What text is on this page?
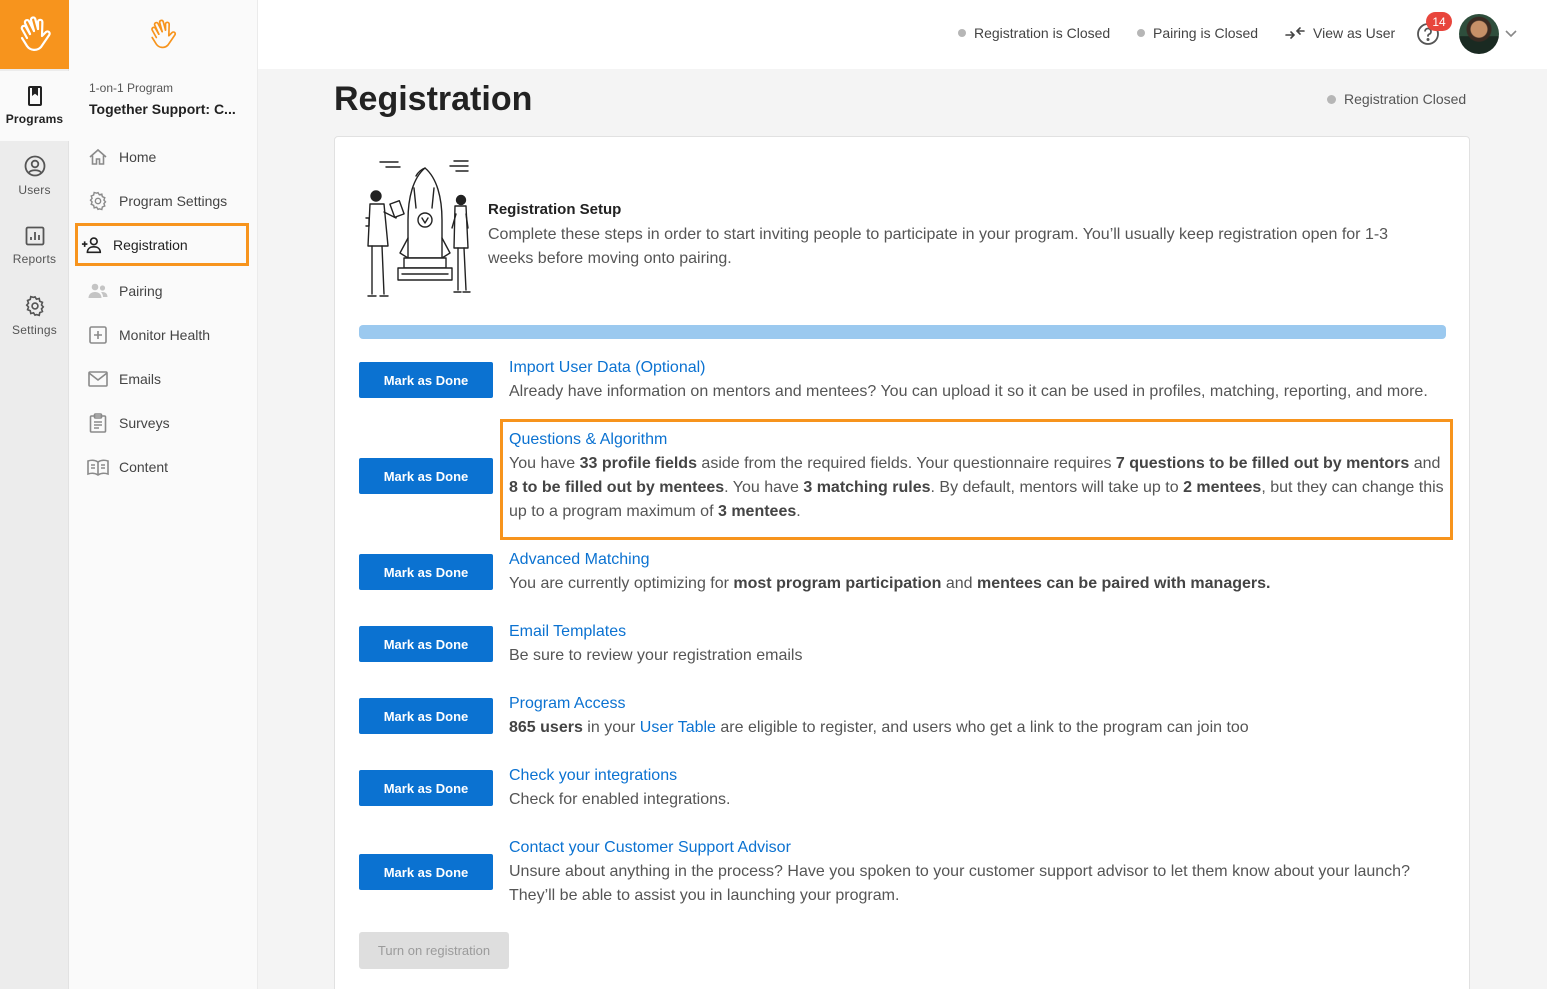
Programs
Users
Reports
Settings
1-on-1 Program
Together Support: C...
Home
Program Settings
Registration
Pairing
Monitor Health
Emails
Surveys
Content
Registration is Closed	Pairing is Closed	View as User
14
Registration	Registration Closed
Registration Setup
Complete these steps in order to start inviting people to participate in your program. You’ll usually keep registration open for 1-3 weeks before moving onto pairing.
Mark as Done
Import User Data (Optional)
Already have information on mentors and mentees? You can upload it so it can be used in profiles, matching, reporting, and more.
Mark as Done
Questions & Algorithm
You have 33 profile fields aside from the required fields. Your questionnaire requires 7 questions to be filled out by mentors and 8 to be filled out by mentees. You have 3 matching rules. By default, mentors will take up to 2 mentees, but they can change this up to a program maximum of 3 mentees.
Mark as Done
Advanced Matching
You are currently optimizing for most program participation and mentees can be paired with managers.
Mark as Done
Email Templates
Be sure to review your registration emails
Mark as Done
Program Access
865 users in your User Table are eligible to register, and users who get a link to the program can join too
Mark as Done
Check your integrations
Check for enabled integrations.
Mark as Done
Contact your Customer Support Advisor
Unsure about anything in the process? Have you spoken to your customer support advisor to let them know about your launch? They’ll be able to assist you in launching your program.
Turn on registration
